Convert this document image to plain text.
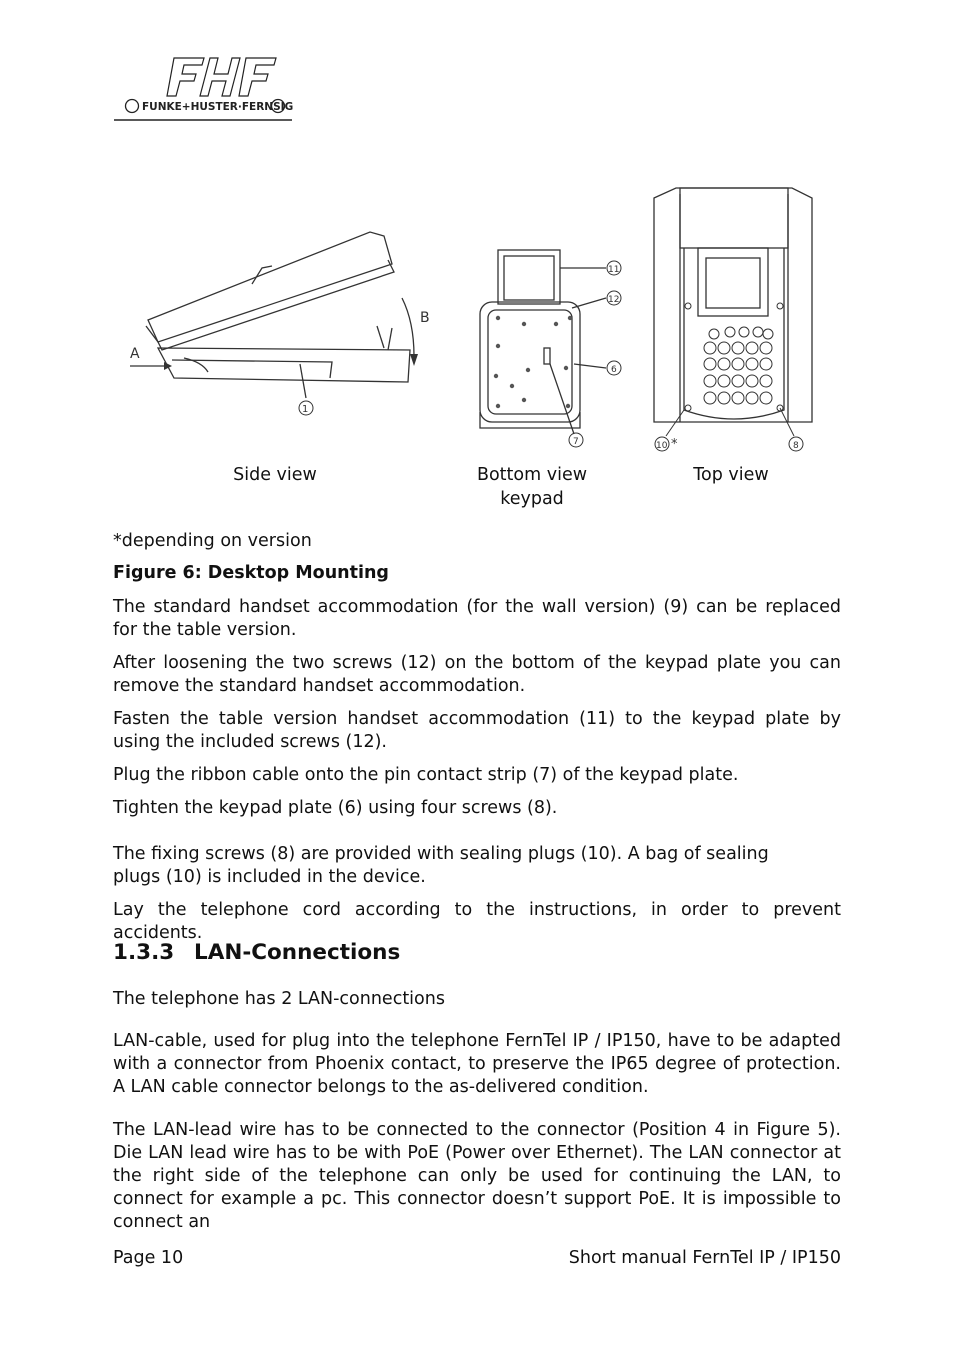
FUNKE+HUSTER·FERNSIG
A
B
1
11
12
6
7	10 *	8
Side view	Bottom view
keypad
Top view

*depending on version

Figure 6: Desktop Mounting

The standard handset accommodation (for the wall version) (9) can be replaced for the table version.

After loosening the two screws (12) on the bottom of the keypad plate you can remove the standard handset accommodation.

Fasten the table version handset accommodation (11) to the keypad plate by using the included screws (12).

Plug the ribbon cable onto the pin contact strip (7) of the keypad plate.

Tighten the keypad plate (6) using four screws (8).

The fixing screws (8) are provided with sealing plugs (10). A bag of sealing plugs (10) is included in the device.

Lay the telephone cord according to the instructions, in order to prevent accidents.

1.3.3 LAN-Connections

The telephone has 2 LAN-connections

LAN-cable, used for plug into the telephone FernTel IP / IP150, have to be adapted with a connector from Phoenix contact, to preserve the IP65 degree of protection. A LAN cable connector belongs to the as-delivered condition.

The LAN-lead wire has to be connected to the connector (Position 4 in Figure 5). Die LAN lead wire has to be with PoE (Power over Ethernet). The LAN connector at the right side of the telephone can only be used for continuing the LAN, to connect for example a pc. This connector doesn’t support PoE. It is impossible to connect an

Page 10	Short manual FernTel IP / IP150
